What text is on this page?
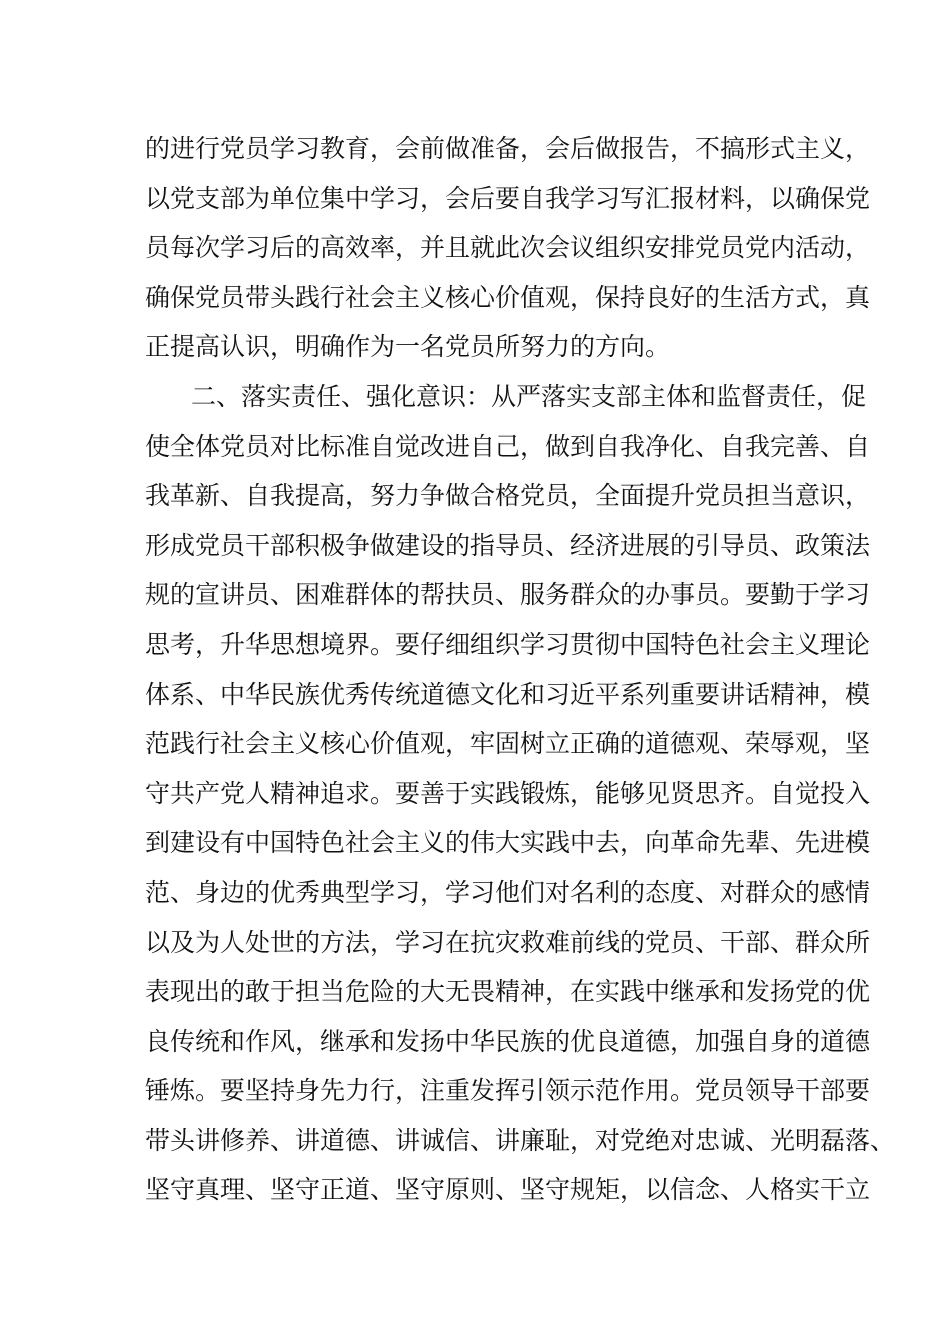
的进行党员学习教育，会前做准备，会后做报告，不搞形式主义，
以党支部为单位集中学习，会后要自我学习写汇报材料，以确保党
员每次学习后的高效率，并且就此次会议组织安排党员党内活动，
确保党员带头践行社会主义核心价值观，保持良好的生活方式，真
正提高认识，明确作为一名党员所努力的方向。
二、落实责任、强化意识：从严落实支部主体和监督责任，促
使全体党员对比标准自觉改进自己，做到自我净化、自我完善、自
我革新、自我提高，努力争做合格党员，全面提升党员担当意识，
形成党员干部积极争做建设的指导员、经济进展的引导员、政策法
规的宣讲员、困难群体的帮扶员、服务群众的办事员。要勤于学习
思考，升华思想境界。要仔细组织学习贯彻中国特色社会主义理论
体系、中华民族优秀传统道德文化和习近平系列重要讲话精神，模
范践行社会主义核心价值观，牢固树立正确的道德观、荣辱观，坚
守共产党人精神追求。要善于实践锻炼，能够见贤思齐。自觉投入
到建设有中国特色社会主义的伟大实践中去，向革命先辈、先进模
范、身边的优秀典型学习，学习他们对名利的态度、对群众的感情
以及为人处世的方法，学习在抗灾救难前线的党员、干部、群众所
表现出的敢于担当危险的大无畏精神，在实践中继承和发扬党的优
良传统和作风，继承和发扬中华民族的优良道德，加强自身的道德
锤炼。要坚持身先力行，注重发挥引领示范作用。党员领导干部要
带头讲修养、讲道德、讲诚信、讲廉耻，对党绝对忠诚、光明磊落、
坚守真理、坚守正道、坚守原则、坚守规矩，以信念、人格实干立
